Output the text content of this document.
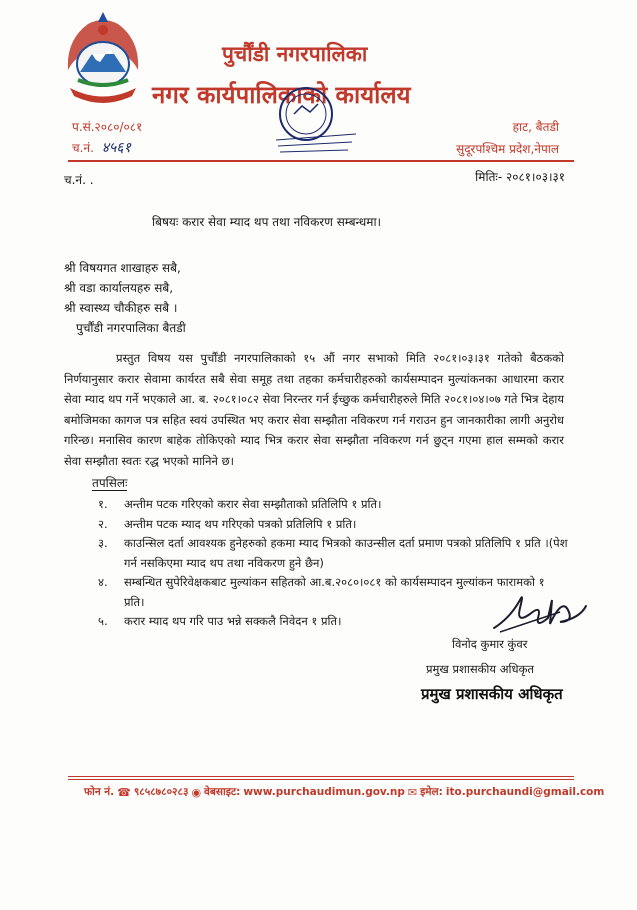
पुर्चौंडी नगरपालिका
नगर कार्यपालिकाको कार्यालय
प.सं.२०८०/०८१
च.नं. ४५६१
हाट, बैतडी
सुदूरपश्चिम प्रदेश,नेपाल
च.नं. .	मितिः- २०८१।०३।३१
बिषयः करार सेवा म्याद थप तथा नविकरण सम्बन्धमा।
श्री विषयगत शाखाहरु सबै,
श्री वडा कार्यालयहरु सबै,
श्री स्वास्थ्य चौकीहरु सबै ।
पुर्चौंडी नगरपालिका बैतडी
प्रस्तुत विषय यस पुर्चौंडी नगरपालिकाको १५ औं नगर सभाको मिति २०८१।०३।३१ गतेको बैठकको निर्णयानुसार करार सेवामा कार्यरत सबै सेवा समूह तथा तहका कर्मचारीहरुको कार्यसम्पादन मुल्यांकनका आधारमा करार सेवा म्याद थप गर्ने भएकाले आ. ब. २०८१।०८२ सेवा निरन्तर गर्न ईच्छुक कर्मचारीहरुले मिति २०८१।०४।०७ गते भित्र देहाय बमोजिमका कागज पत्र सहित स्वयं उपस्थित भए करार सेवा सम्झौता नविकरण गर्न गराउन हुन जानकारीका लागी अनुरोध गरिन्छ। मनासिव कारण बाहेक तोकिएको म्याद भित्र करार सेवा सम्झौता नविकरण गर्न छुट्न गएमा हाल सम्मको करार सेवा सम्झौता स्वतः रद्ध भएको मानिने छ।
तपसिलः
१.	अन्तीम पटक गरिएको करार सेवा सम्झौताको प्रतिलिपि १ प्रति।
२.	अन्तीम पटक म्याद थप गरिएको पत्रको प्रतिलिपि १ प्रति।
३.	काउन्सिल दर्ता आवश्यक हुनेहरुको हकमा म्याद भित्रको काउन्सील दर्ता प्रमाण पत्रको प्रतिलिपि १ प्रति ।(पेश गर्न नसकिएमा म्याद थप तथा नविकरण हुने छैन)
४.	सम्बन्धित सुपेरिवेक्षकबाट मुल्यांकन सहितको आ.ब.२०८०।०८१ को कार्यसम्पादन मुल्यांकन फारामको १ प्रति।
५.	करार म्याद थप गरि पाउ भन्ने सक्कलै निवेदन १ प्रति।
विनोद कुमार कुंवर
प्रमुख प्रशासकीय अधिकृत
प्रमुख प्रशासकीय अधिकृत
फोन नं. ☎ ९८५८७८०२८३ ◉ वेबसाइट: www.purchaudimun.gov.np ✉ इमेल: ito.purchaundi@gmail.com
